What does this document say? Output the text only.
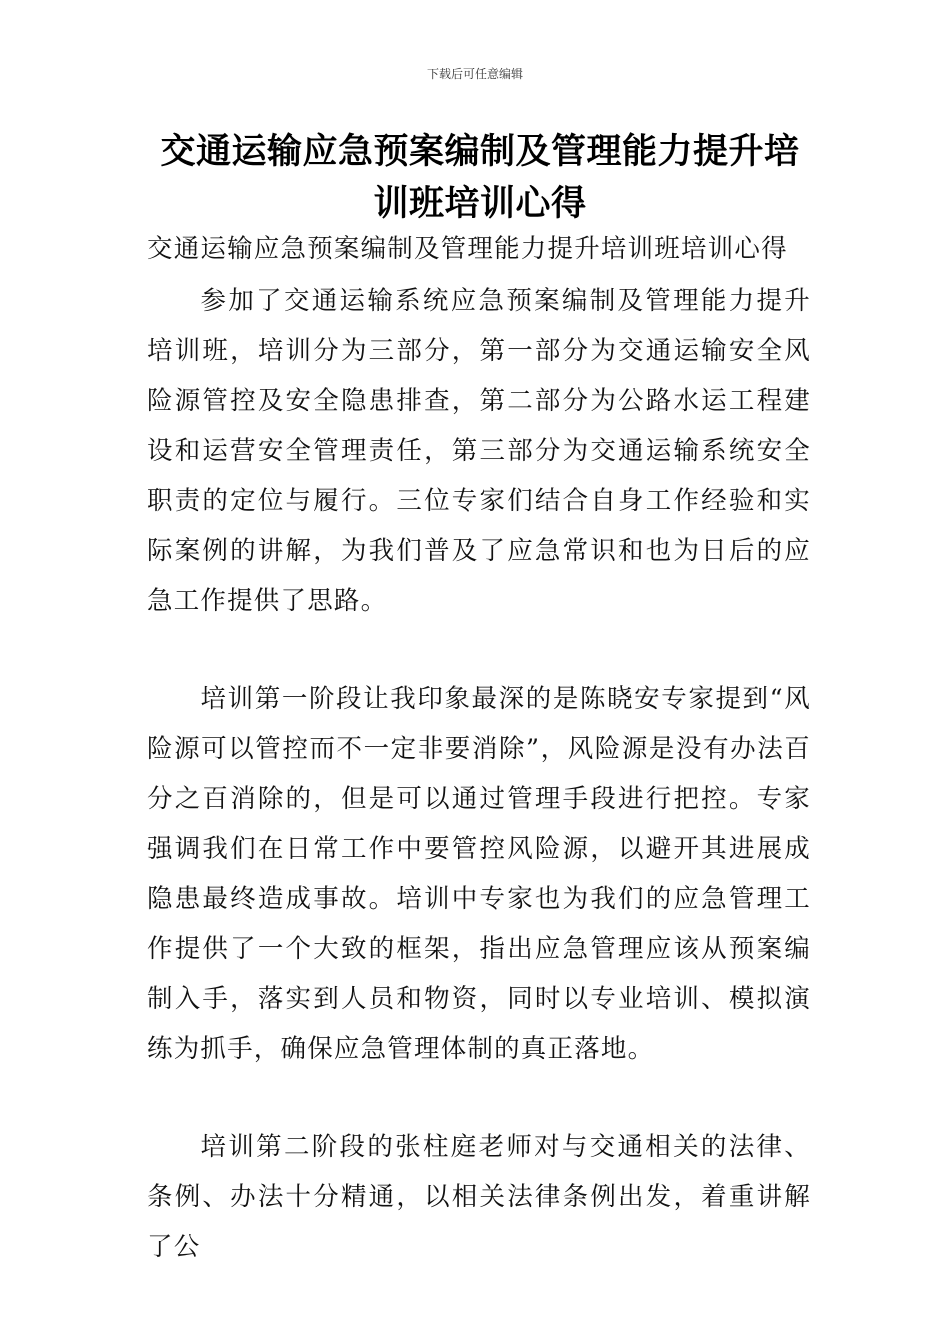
下载后可任意编辑
交通运输应急预案编制及管理能力提升培训班培训心得

交通运输应急预案编制及管理能力提升培训班培训心得

参加了交通运输系统应急预案编制及管理能力提升培训班，培训分为三部分，第一部分为交通运输安全风险源管控及安全隐患排查，第二部分为公路水运工程建设和运营安全管理责任，第三部分为交通运输系统安全职责的定位与履行。三位专家们结合自身工作经验和实际案例的讲解，为我们普及了应急常识和也为日后的应急工作提供了思路。

培训第一阶段让我印象最深的是陈晓安专家提到“风险源可以管控而不一定非要消除”，风险源是没有办法百分之百消除的，但是可以通过管理手段进行把控。专家强调我们在日常工作中要管控风险源，以避开其进展成隐患最终造成事故。培训中专家也为我们的应急管理工作提供了一个大致的框架，指出应急管理应该从预案编制入手，落实到人员和物资，同时以专业培训、模拟演练为抓手，确保应急管理体制的真正落地。

培训第二阶段的张柱庭老师对与交通相关的法律、条例、办法十分精通，以相关法律条例出发，着重讲解了公
